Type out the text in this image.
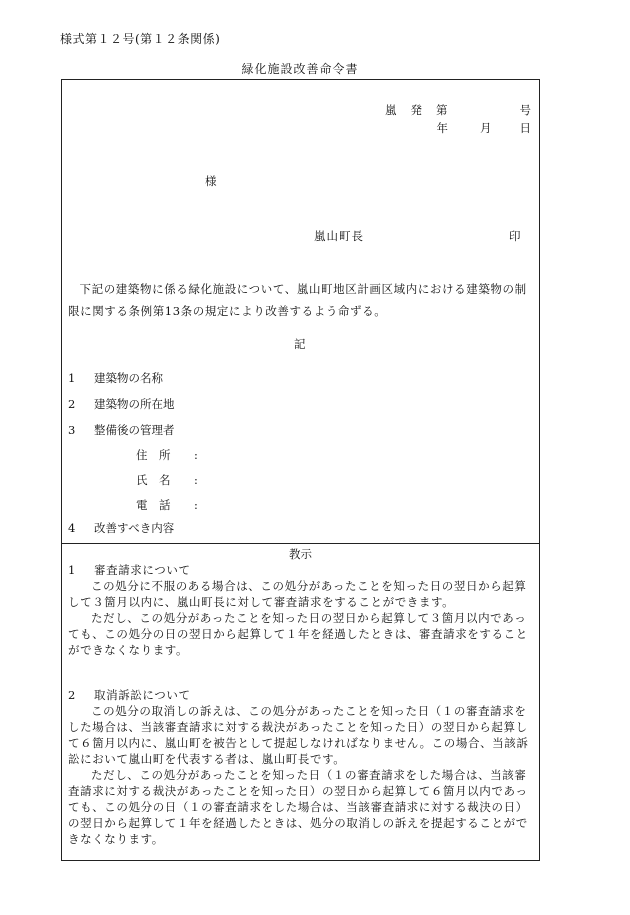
様式第１２号(第１２条関係)
緑化施設改善命令書
嵐 発 第	号
年	月 日
様
嵐山町長	印
下記の建築物に係る緑化施設について、嵐山町地区計画区域内における建築物の制限に関する条例第13条の規定により改善するよう命ずる。
記
1 建築物の名称
2 建築物の所在地
3 整備後の管理者
住　所 :
氏　名 :
電　話 :
4 改善すべき内容
教示
1 審査請求について

この処分に不服のある場合は、この処分があったことを知った日の翌日から起算して３箇月以内に、嵐山町長に対して審査請求をすることができます。

ただし、この処分があったことを知った日の翌日から起算して３箇月以内であっても、この処分の日の翌日から起算して１年を経過したときは、審査請求をすることができなくなります。

2 取消訴訟について

この処分の取消しの訴えは、この処分があったことを知った日（１の審査請求をした場合は、当該審査請求に対する裁決があったことを知った日）の翌日から起算して６箇月以内に、嵐山町を被告として提起しなければなりません。この場合、当該訴訟において嵐山町を代表する者は、嵐山町長です。

ただし、この処分があったことを知った日（１の審査請求をした場合は、当該審査請求に対する裁決があったことを知った日）の翌日から起算して６箇月以内であっても、この処分の日（１の審査請求をした場合は、当該審査請求に対する裁決の日）の翌日から起算して１年を経過したときは、処分の取消しの訴えを提起することができなくなります。
